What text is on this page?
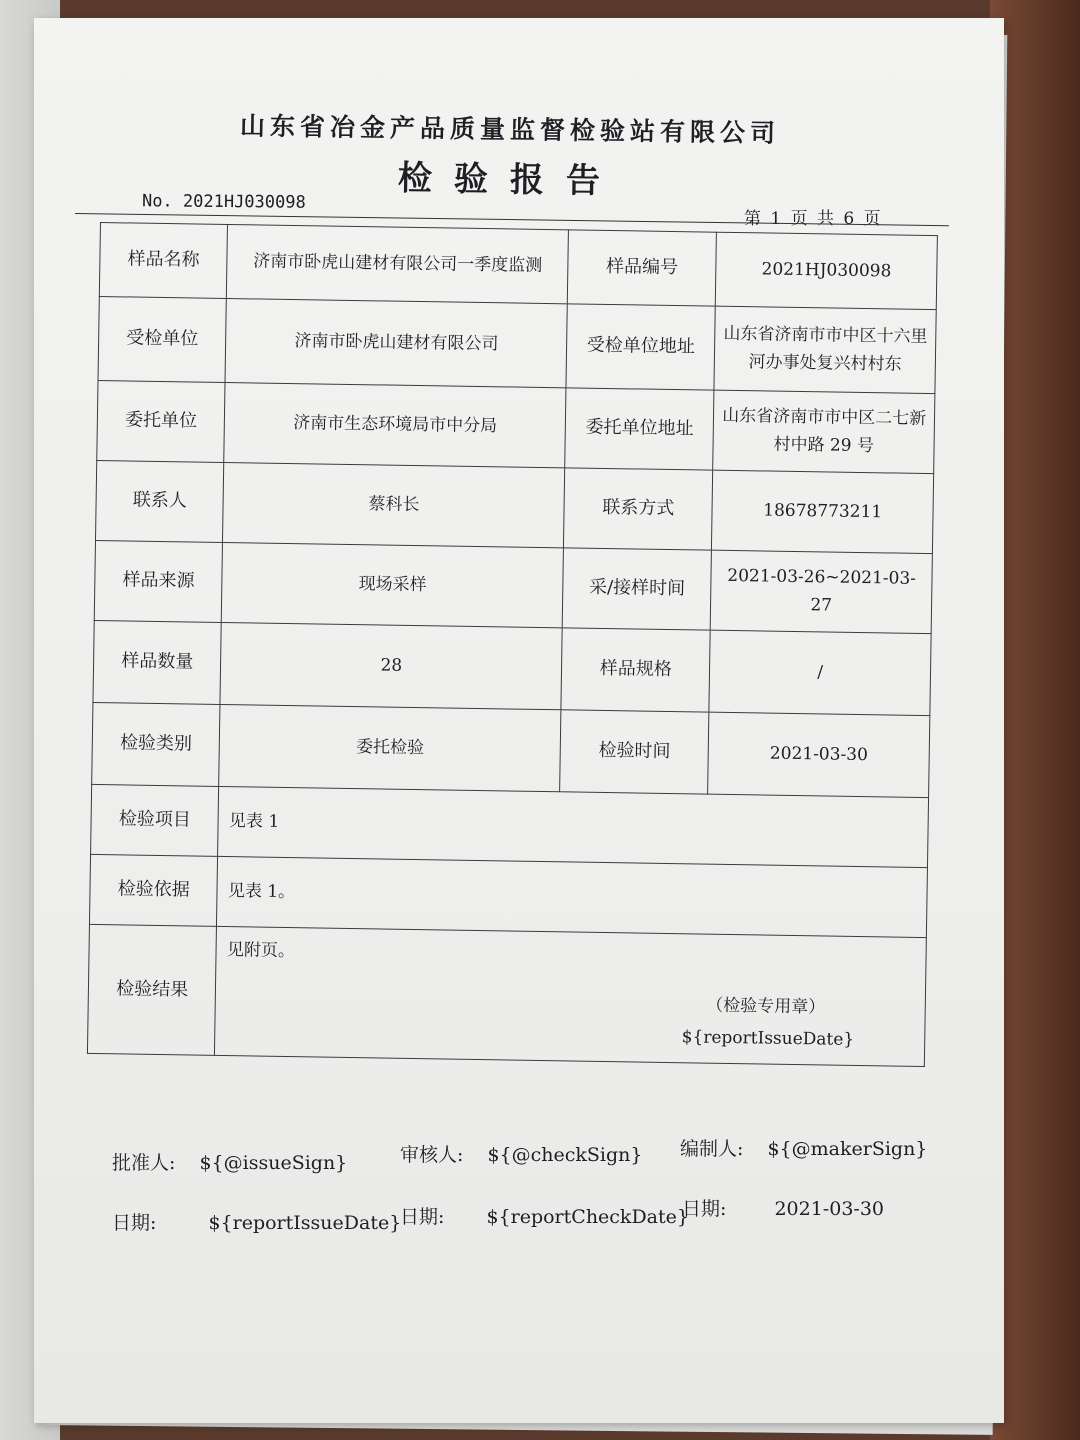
山东省冶金产品质量监督检验站有限公司
检验报告
No. 2021HJ030098
第 1 页 共 6 页
样品名称	济南市卧虎山建材有限公司一季度监测	样品编号	2021HJ030098
受检单位	济南市卧虎山建材有限公司	受检单位地址	山东省济南市市中区十六里河办事处复兴村村东
委托单位	济南市生态环境局市中分局	委托单位地址	山东省济南市市中区二七新村中路 29 号
联系人	蔡科长	联系方式	18678773211
样品来源	现场采样	采/接样时间	2021-03-26~2021-03-27
样品数量	28	样品规格	/
检验类别	委托检验	检验时间	2021-03-30
检验项目	见表 1		
检验依据	见表 1。		
检验结果	见附页。
（检验专用章）
${reportIssueDate}		
批准人: ${@issueSign}	审核人: ${@checkSign} 编制人: ${@makerSign}
日期:	${reportIssueDate}
日期: ${reportCheckDate}
日期:	2021-03-30
